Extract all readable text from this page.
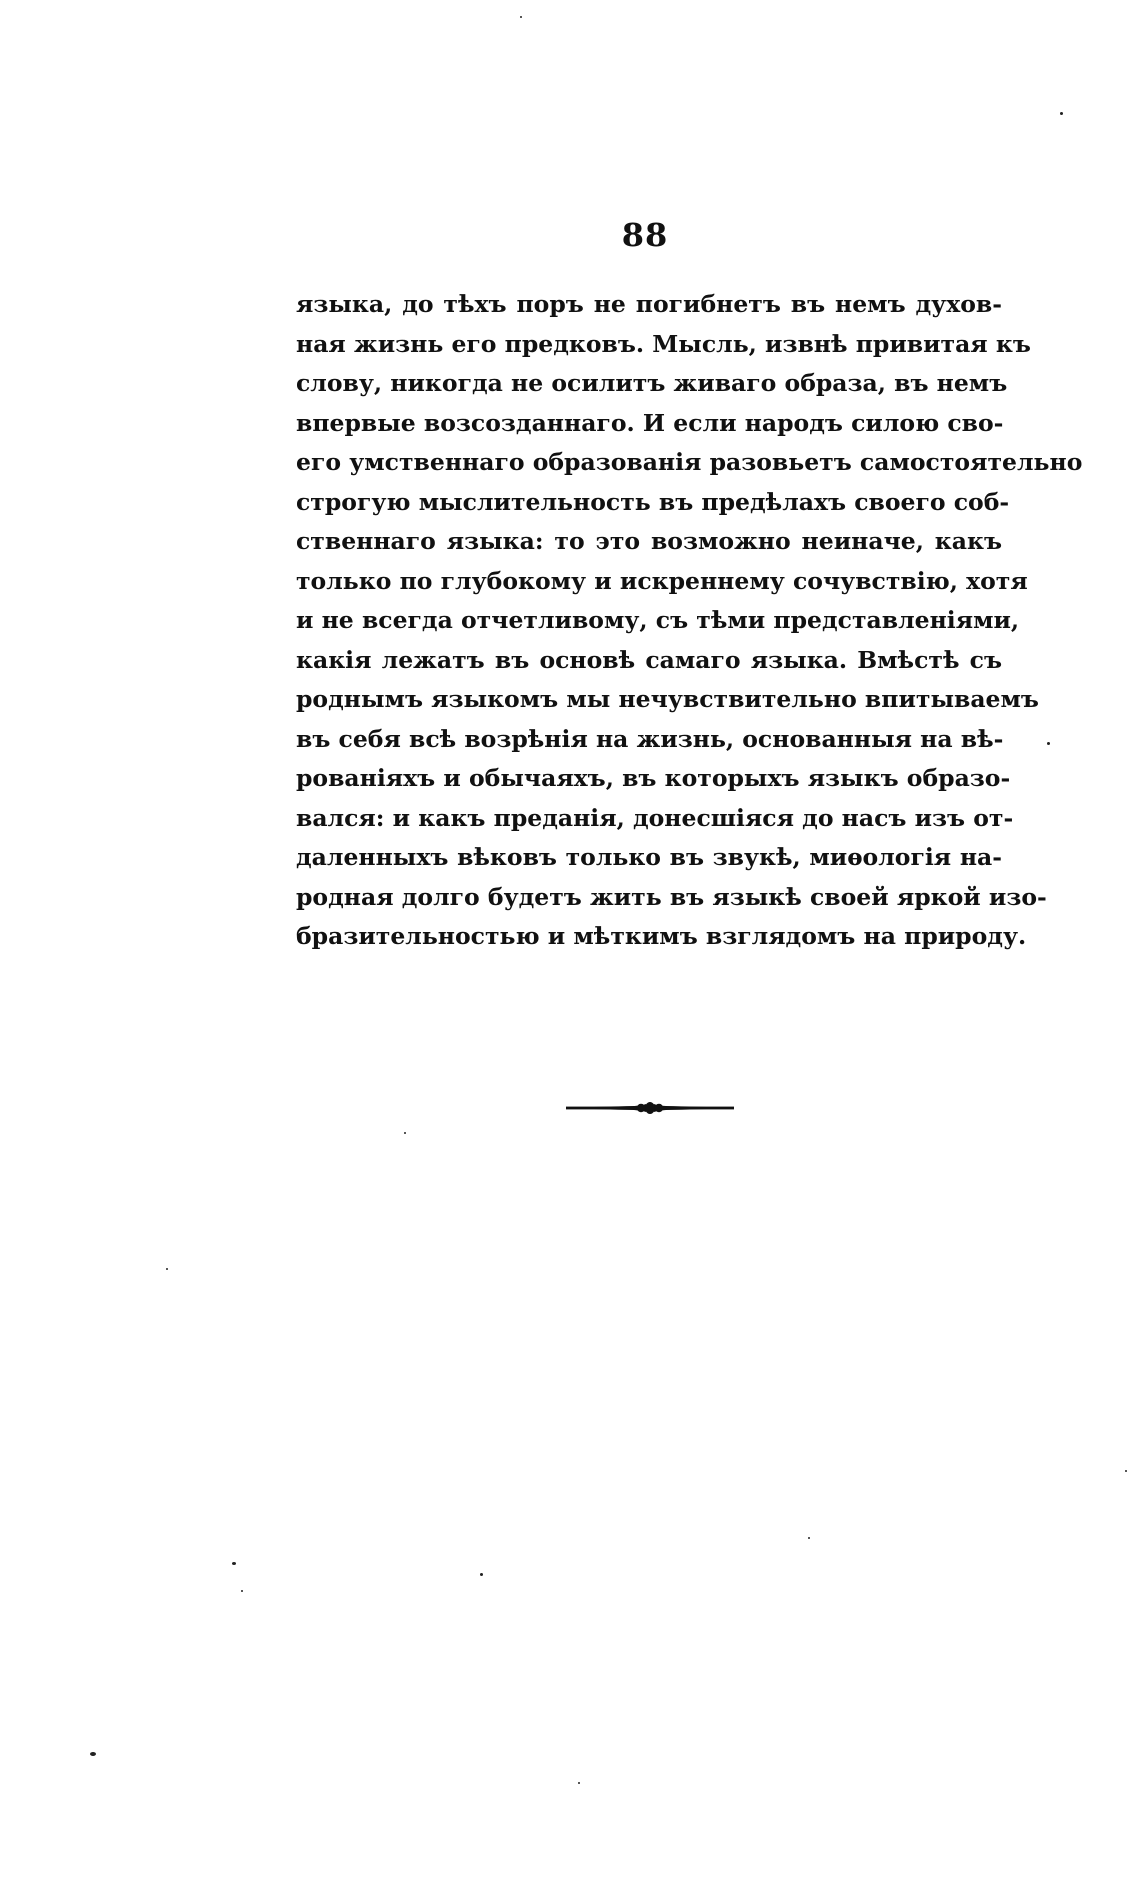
88
языка, до тѣхъ поръ не погибнетъ въ немъ духов-
ная жизнь его предковъ. Мысль, извнѣ привитая къ
слову, никогда не осилитъ живаго образа, въ немъ
впервые возсозданнаго. И если народъ силою сво-
его умственнаго образованія разовьетъ самостоятельно
строгую мыслительность въ предѣлахъ своего соб-
ственнаго языка: то это возможно неиначе, какъ
только по глубокому и искреннему сочувствію, хотя
и не всегда отчетливому, съ тѣми представленіями,
какія лежатъ въ основѣ самаго языка. Вмѣстѣ съ
роднымъ языкомъ мы нечувствительно впитываемъ
въ себя всѣ возрѣнія на жизнь, основанныя на вѣ-
рованіяхъ и обычаяхъ, въ которыхъ языкъ образо-
вался: и какъ преданія, донесшіяся до насъ изъ от-
даленныхъ вѣковъ только въ звукѣ, миѳологія на-
родная долго будетъ жить въ языкѣ своей яркой изо-
бразительностью и мѣткимъ взглядомъ на природу.
